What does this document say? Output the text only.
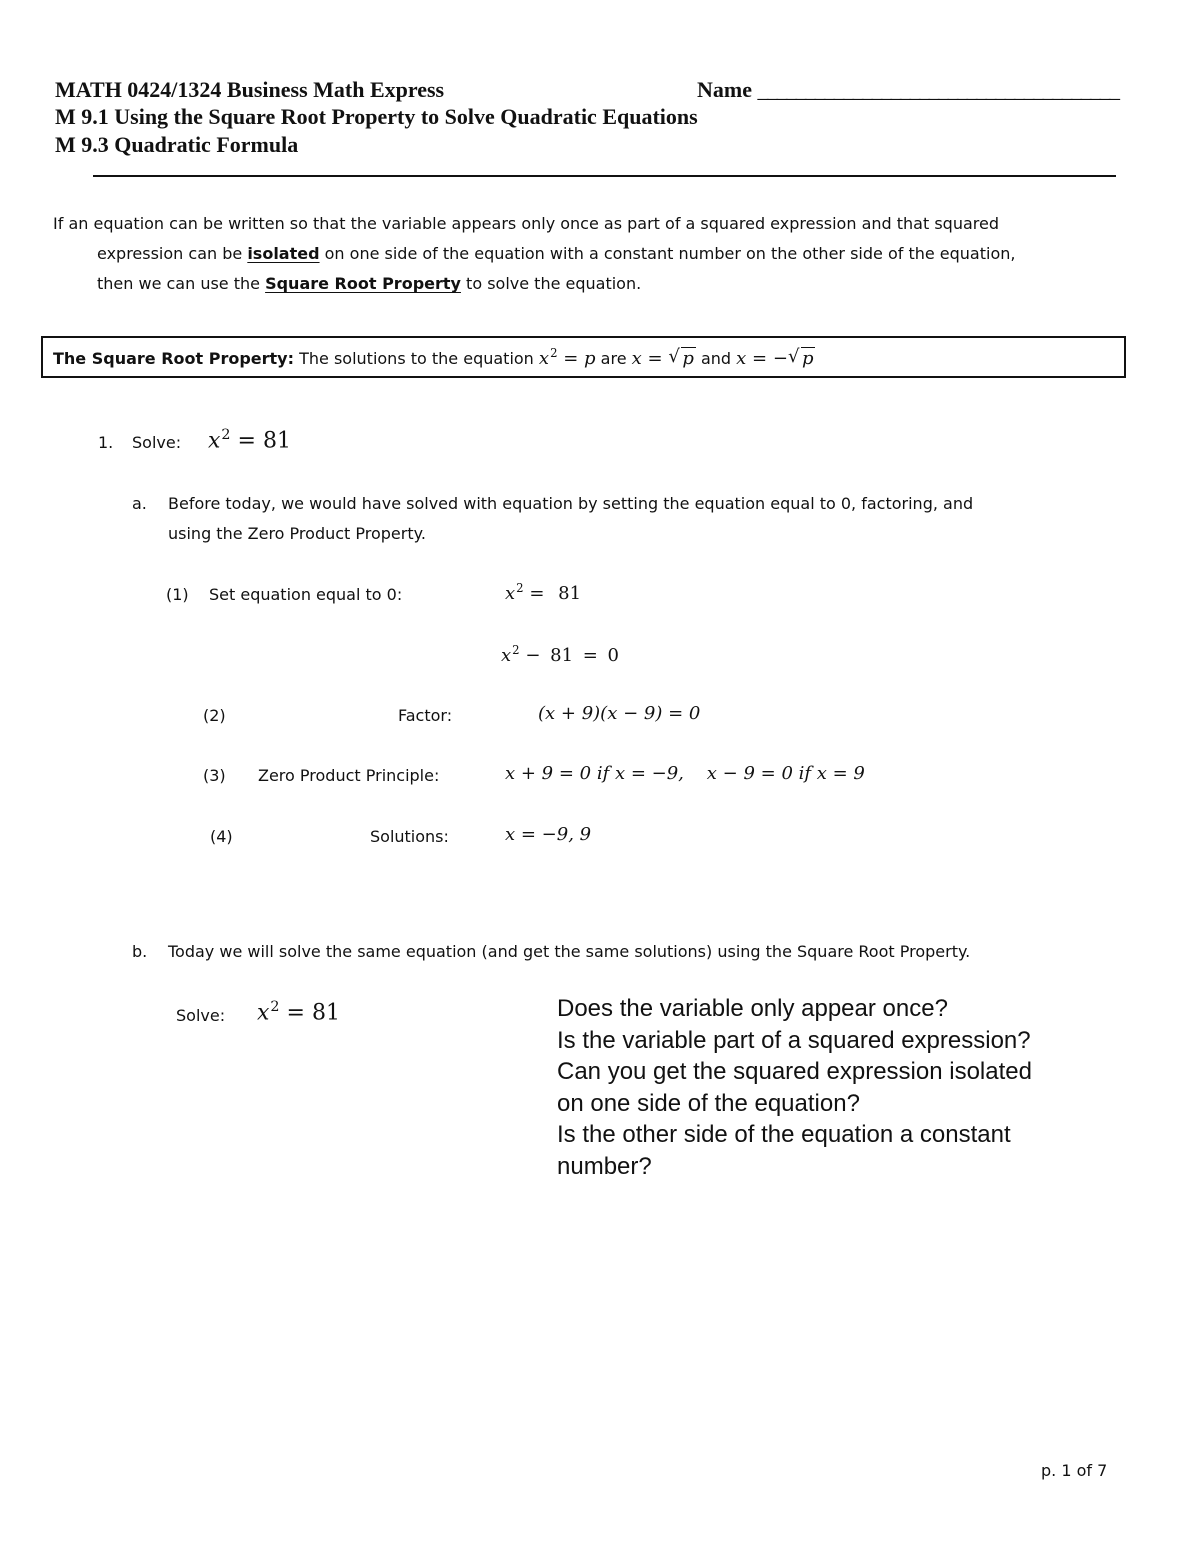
MATH 0424/1324 Business Math Express	Name ______________________________________
M 9.1 Using the Square Root Property to Solve Quadratic Equations
M 9.3 Quadratic Formula
If an equation can be written so that the variable appears only once as part of a squared expression and that squared
expression can be isolated on one side of the equation with a constant number on the other side of the equation,
then we can use the Square Root Property to solve the equation.
The Square Root Property: The solutions to the equation $x^2 = p$ are x = √ p and x = − √ p
1. Solve: $x^2 = 81$
a. Before today, we would have solved with equation by setting the equation equal to 0, factoring, and
using the Zero Product Property.
(1) Set equation equal to 0:	$x^2 = 81$
$x^2 - 81 = 0$
(2)	Factor:	(x + 9)(x − 9) = 0
(3) Zero Product Principle:	x + 9 = 0 if x = −9,    x − 9 = 0 if x = 9
(4)	Solutions:	x = −9, 9
b. Today we will solve the same equation (and get the same solutions) using the Square Root Property.
Solve: $x^2 = 81$	Does the variable only appear once?
Is the variable part of a squared expression?
Can you get the squared expression isolated
on one side of the equation?
Is the other side of the equation a constant
number?
p. 1 of 7
